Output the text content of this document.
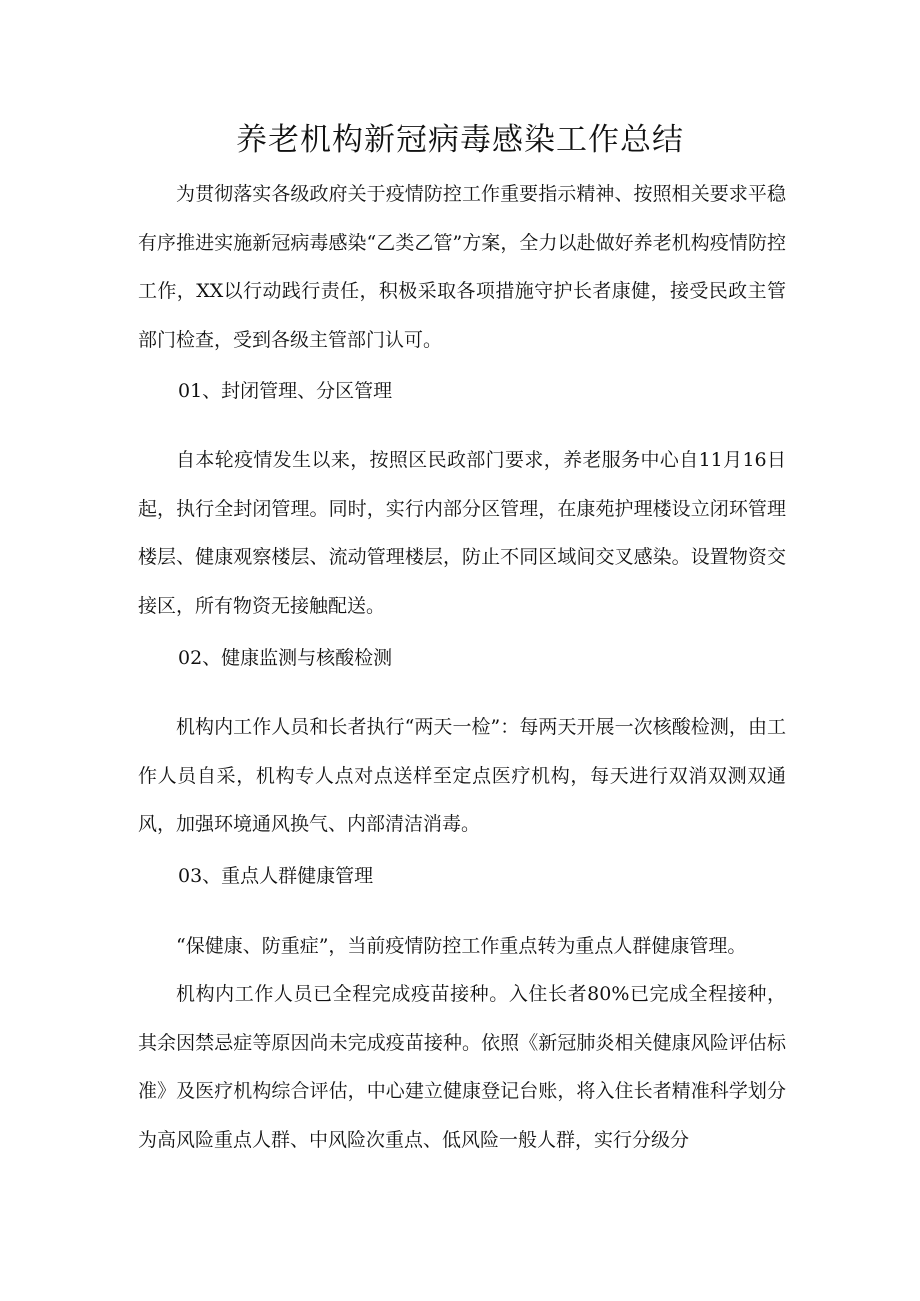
养老机构新冠病毒感染工作总结

为贯彻落实各级政府关于疫情防控工作重要指示精神、按照相关要求平稳有序推进实施新冠病毒感染“乙类乙管”方案，全力以赴做好养老机构疫情防控工作，XX以行动践行责任，积极采取各项措施守护长者康健，接受民政主管部门检查，受到各级主管部门认可。

01、封闭管理、分区管理

自本轮疫情发生以来，按照区民政部门要求，养老服务中心自11月16日起，执行全封闭管理。同时，实行内部分区管理，在康苑护理楼设立闭环管理楼层、健康观察楼层、流动管理楼层，防止不同区域间交叉感染。设置物资交接区，所有物资无接触配送。

02、健康监测与核酸检测

机构内工作人员和长者执行“两天一检”：每两天开展一次核酸检测，由工作人员自采，机构专人点对点送样至定点医疗机构，每天进行双消双测双通风，加强环境通风换气、内部清洁消毒。

03、重点人群健康管理

“保健康、防重症”，当前疫情防控工作重点转为重点人群健康管理。

机构内工作人员已全程完成疫苗接种。入住长者80%已完成全程接种，其余因禁忌症等原因尚未完成疫苗接种。依照《新冠肺炎相关健康风险评估标准》及医疗机构综合评估，中心建立健康登记台账，将入住长者精准科学划分为高风险重点人群、中风险次重点、低风险一般人群，实行分级分
